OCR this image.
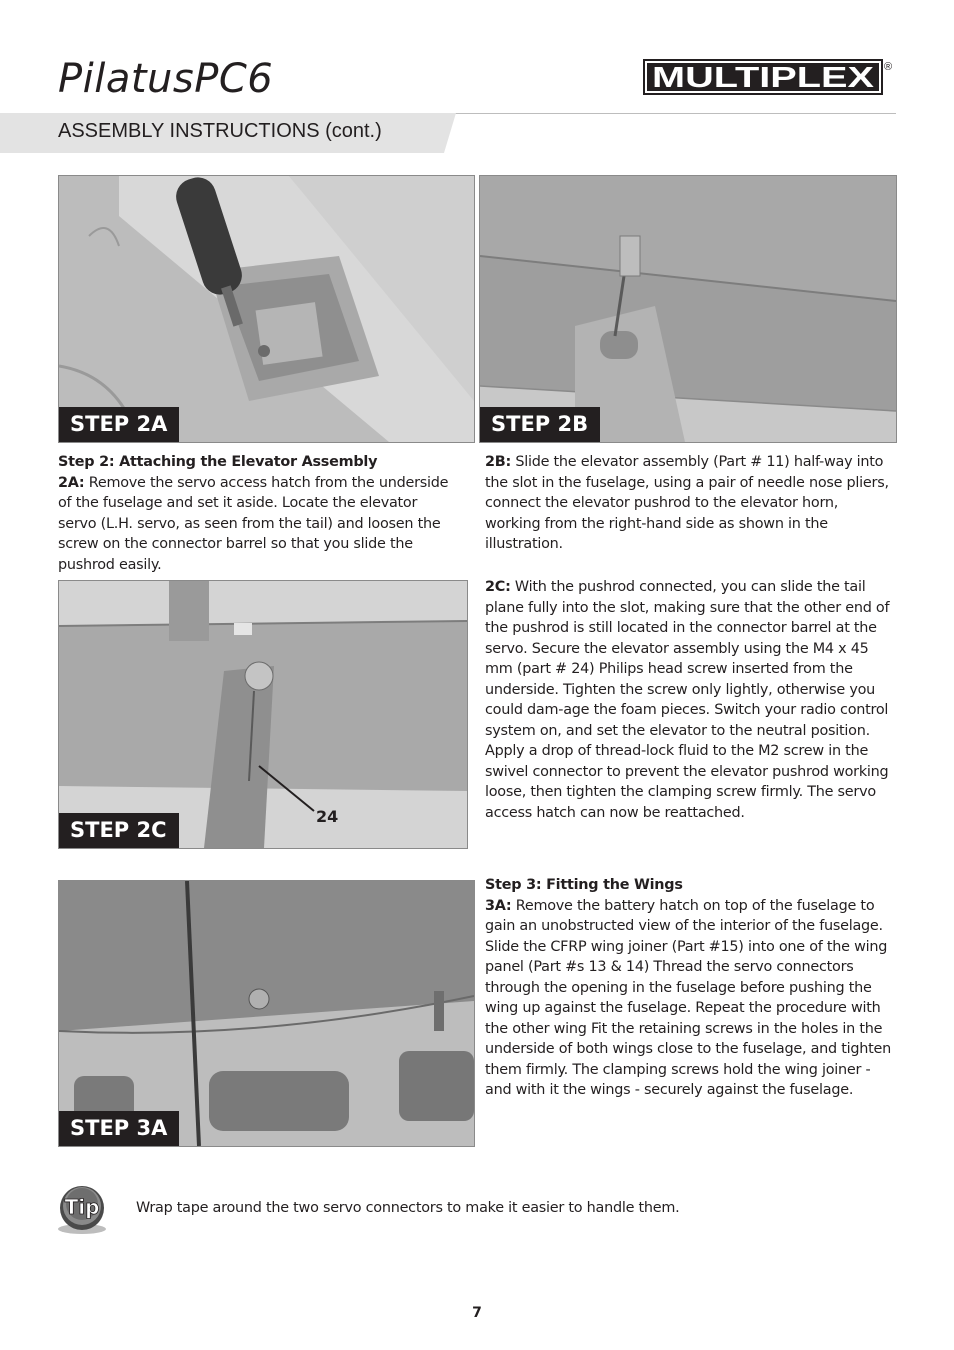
PilatusPC6	MULTIPLEX ®
ASSEMBLY INSTRUCTIONS (cont.)
STEP 2A	STEP 2B

Step 2: Attaching the Elevator Assembly

2A: Remove the servo access hatch from the underside of the fuselage and set it aside. Locate the elevator servo (L.H. servo, as seen from the tail) and loosen the screw on the connector barrel so that you slide the pushrod easily.

2B: Slide the elevator assembly (Part # 11) half-way into the slot in the fuselage, using a pair of needle nose pliers, connect the elevator pushrod to the elevator horn, working from the right-hand side as shown in the illustration.

STEP 2C
24

2C: With the pushrod connected, you can slide the tail plane fully into the slot, making sure that the other end of the pushrod is still located in the connector barrel at the servo. Secure the elevator assembly using the M4 x 45 mm (part # 24) Philips head screw inserted from the underside. Tighten the screw only lightly, otherwise you could dam-age the foam pieces. Switch your radio control system on, and set the elevator to the neutral position. Apply a drop of thread-lock fluid to the M2 screw in the swivel connector to prevent the elevator pushrod working loose, then tighten the clamping screw firmly. The servo access hatch can now be reattached.

STEP 3A

Step 3: Fitting the Wings

3A: Remove the battery hatch on top of the fuselage to gain an unobstructed view of the interior of the fuselage. Slide the CFRP wing joiner (Part #15) into one of the wing panel (Part #s 13 & 14) Thread the servo connectors through the opening in the fuselage before pushing the wing up against the fuselage. Repeat the procedure with the other wing Fit the retaining screws in the holes in the underside of both wings close to the fuselage, and tighten them firmly. The clamping screws hold the wing joiner - and with it the wings - securely against the fuselage.

Tip	Wrap tape around the two servo connectors to make it easier to handle them.
7
